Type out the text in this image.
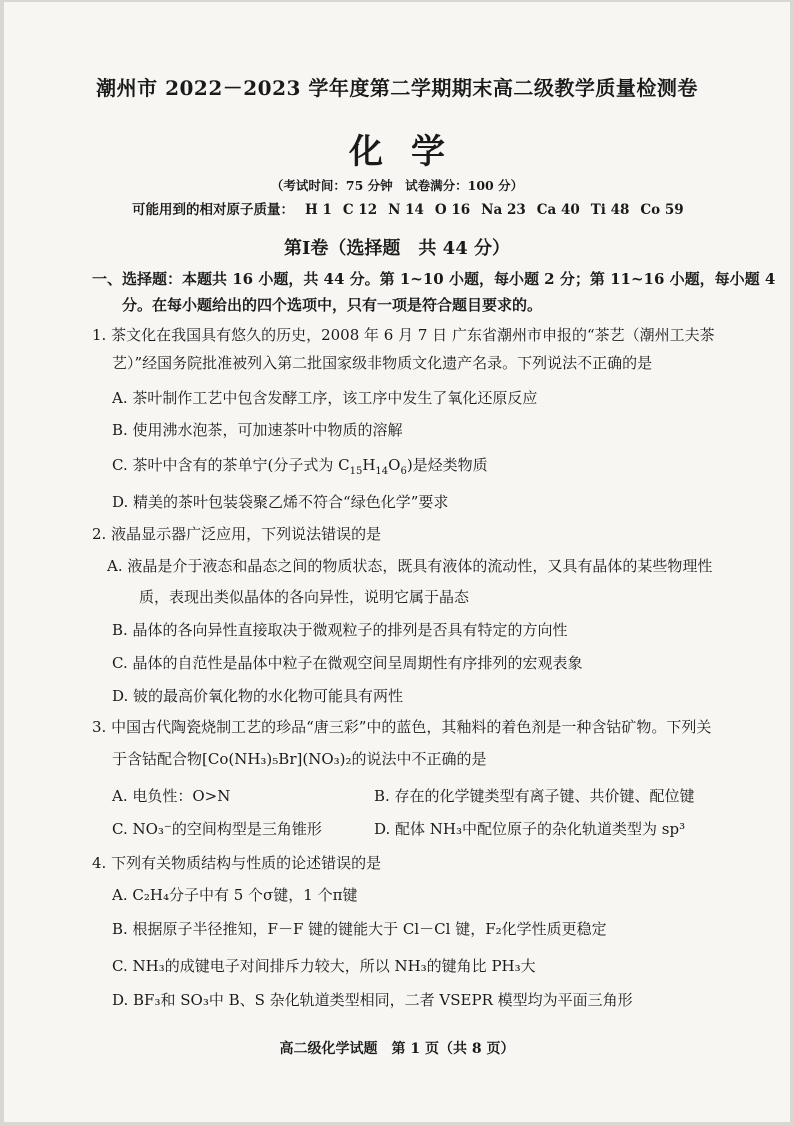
潮州市 2022－2023 学年度第二学期期末高二级教学质量检测卷
化学
（考试时间：75 分钟　试卷满分：100 分）
可能用到的相对原子质量： H 1 C 12 N 14 O 16 Na 23 Ca 40 Ti 48 Co 59
第Ⅰ卷（选择题　共 44 分）
一、选择题：本题共 16 小题，共 44 分。第 1~10 小题，每小题 2 分；第 11~16 小题，每小题 4
分。在每小题给出的四个选项中，只有一项是符合题目要求的。
1. 茶文化在我国具有悠久的历史，2008 年 6 月 7 日 广东省潮州市申报的“茶艺（潮州工夫茶
艺）”经国务院批准被列入第二批国家级非物质文化遗产名录。下列说法不正确的是
A. 茶叶制作工艺中包含发酵工序，该工序中发生了氧化还原反应
B. 使用沸水泡茶，可加速茶叶中物质的溶解
C. 茶叶中含有的茶单宁(分子式为 $C_{15}H_{14}O_6$)是烃类物质
D. 精美的茶叶包装袋聚乙烯不符合“绿色化学”要求
2. 液晶显示器广泛应用，下列说法错误的是
A. 液晶是介于液态和晶态之间的物质状态，既具有液体的流动性，又具有晶体的某些物理性
质，表现出类似晶体的各向异性，说明它属于晶态
B. 晶体的各向异性直接取决于微观粒子的排列是否具有特定的方向性
C. 晶体的自范性是晶体中粒子在微观空间呈周期性有序排列的宏观表象
D. 铍的最高价氧化物的水化物可能具有两性
3. 中国古代陶瓷烧制工艺的珍品“唐三彩”中的蓝色，其釉料的着色剂是一种含钴矿物。下列关
于含钴配合物[Co(NH₃)₅Br](NO₃)₂的说法中不正确的是
A. 电负性：O>N	B. 存在的化学键类型有离子键、共价键、配位键
C. NO₃⁻的空间构型是三角锥形	D. 配体 NH₃中配位原子的杂化轨道类型为 sp³
4. 下列有关物质结构与性质的论述错误的是
A. C₂H₄分子中有 5 个σ键，1 个π键
B. 根据原子半径推知，F－F 键的键能大于 Cl－Cl 键，F₂化学性质更稳定
C. NH₃的成键电子对间排斥力较大，所以 NH₃的键角比 PH₃大
D. BF₃和 SO₃中 B、S 杂化轨道类型相同，二者 VSEPR 模型均为平面三角形
高二级化学试题　第 1 页（共 8 页）
